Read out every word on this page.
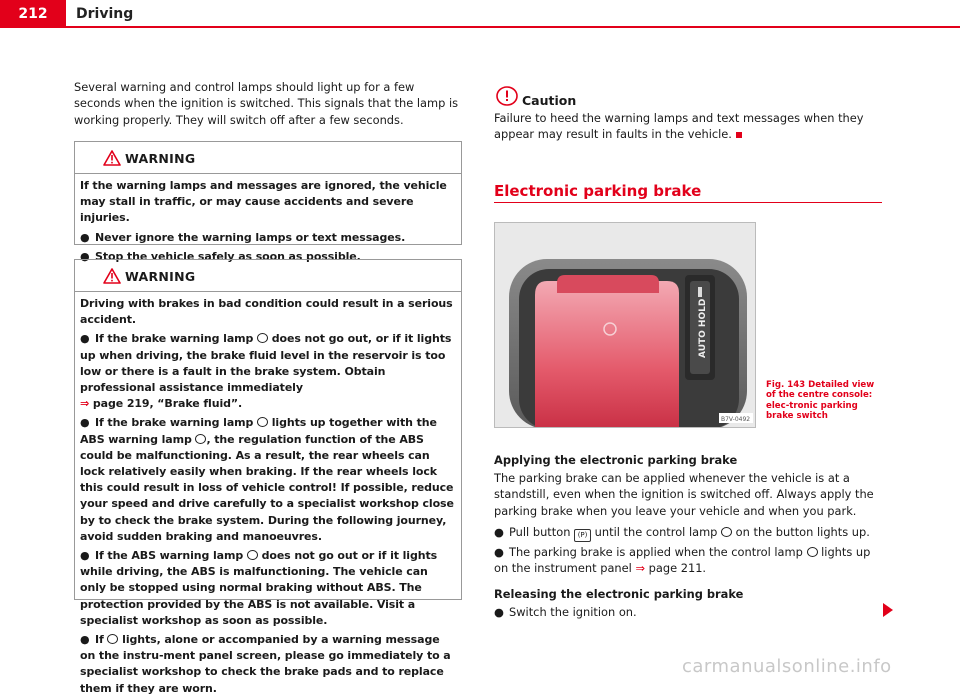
212	Driving
Several warning and control lamps should light up for a few seconds when the ignition is switched. This signals that the lamp is working properly. They will switch off after a few seconds.
WARNING

If the warning lamps and messages are ignored, the vehicle may stall in traffic, or may cause accidents and severe injuries.

● Never ignore the warning lamps or text messages.

● Stop the vehicle safely as soon as possible.

WARNING

Driving with brakes in bad condition could result in a serious accident.

● If the brake warning lamp does not go out, or if it lights up when driving, the brake fluid level in the reservoir is too low or there is a fault in the brake system. Obtain professional assistance immediately
⇒ page 219, “Brake fluid”.

● If the brake warning lamp lights up together with the ABS warning lamp , the regulation function of the ABS could be malfunctioning. As a result, the rear wheels can lock relatively easily when braking. If the rear wheels lock this could result in loss of vehicle control! If possible, reduce your speed and drive carefully to a specialist workshop close by to check the brake system. During the following journey, avoid sudden braking and manoeuvres.

● If the ABS warning lamp does not go out or if it lights while driving, the ABS is malfunctioning. The vehicle can only be stopped using normal braking without ABS. The protection provided by the ABS is not available. Visit a specialist workshop as soon as possible.

● If lights, alone or accompanied by a warning message on the instru-ment panel screen, please go immediately to a specialist workshop to check the brake pads and to replace them if they are worn.

Caution
Failure to heed the warning lamps and text messages when they appear may result in faults in the vehicle.
Electronic parking brake
AUTO HOLD
B7V-0492
Fig. 143 Detailed view of the centre console: elec-tronic parking brake switch
Applying the electronic parking brake
The parking brake can be applied whenever the vehicle is at a standstill, even when the ignition is switched off. Always apply the parking brake when you leave your vehicle and when you park.
● Pull button (P) until the control lamp on the button lights up.
● The parking brake is applied when the control lamp lights up on the instrument panel ⇒ page 211.
Releasing the electronic parking brake
● Switch the ignition on.
carmanualsonline.info
